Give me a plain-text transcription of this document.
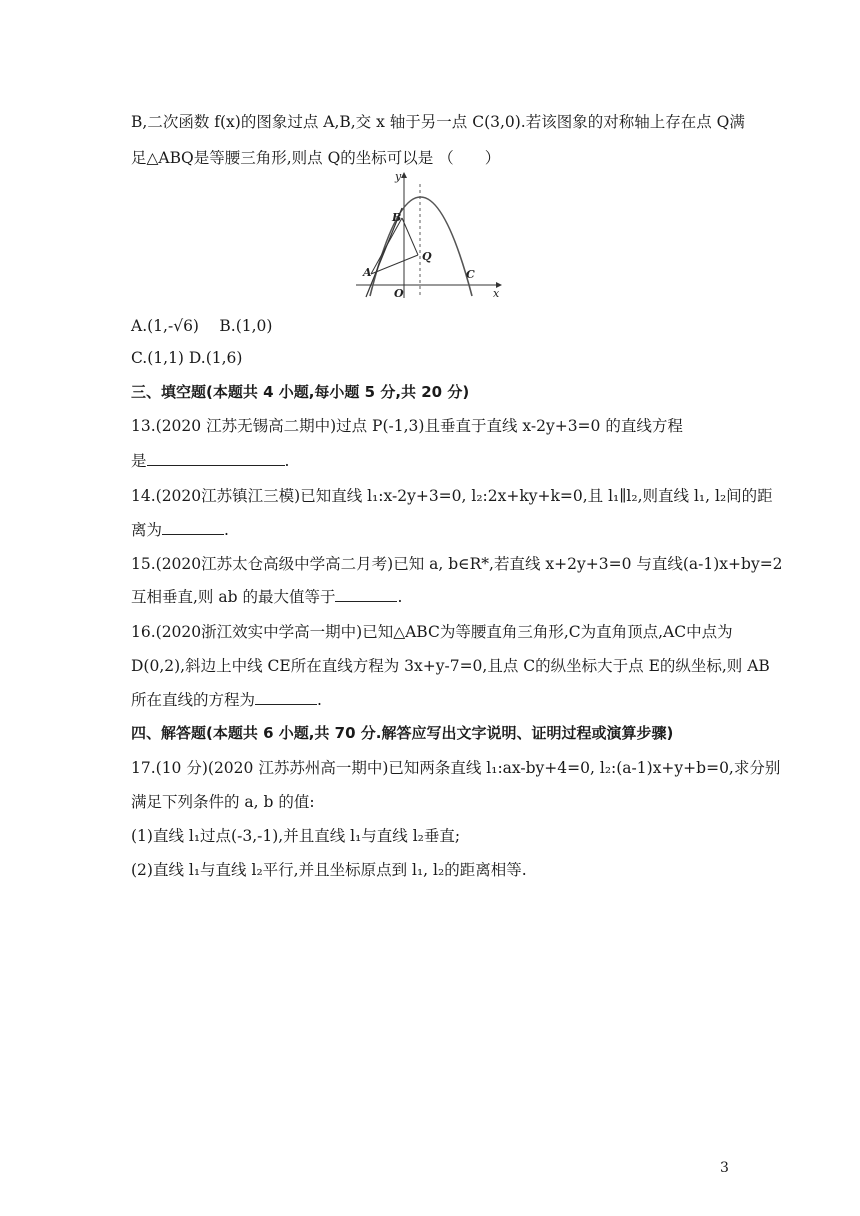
B,二次函数 f(x)的图象过点 A,B,交 x 轴于另一点 C(3,0).若该图象的对称轴上存在点 Q满
足△ABQ是等腰三角形,则点 Q的坐标可以是 （　　）
y
x
A
B
O
Q
C
A.(1,-√6)　 B.(1,0)
C.(1,1) D.(1,6)
三、填空题(本题共 4 小题,每小题 5 分,共 20 分)
13.(2020 江苏无锡高二期中)过点 P(-1,3)且垂直于直线 x-2y+3=0 的直线方程
是	.
14.(2020江苏镇江三模)已知直线 l₁:x-2y+3=0, l₂:2x+ky+k=0,且 l₁∥l₂,则直线 l₁, l₂间的距
离为	.
15.(2020江苏太仓高级中学高二月考)已知 a, b∈R*,若直线 x+2y+3=0 与直线(a-1)x+by=2
互相垂直,则 ab 的最大值等于	.
16.(2020浙江效实中学高一期中)已知△ABC为等腰直角三角形,C为直角顶点,AC中点为
D(0,2),斜边上中线 CE所在直线方程为 3x+y-7=0,且点 C的纵坐标大于点 E的纵坐标,则 AB
所在直线的方程为	.
四、解答题(本题共 6 小题,共 70 分.解答应写出文字说明、证明过程或演算步骤)
17.(10 分)(2020 江苏苏州高一期中)已知两条直线 l₁:ax-by+4=0, l₂:(a-1)x+y+b=0,求分别
满足下列条件的 a, b 的值:
(1)直线 l₁过点(-3,-1),并且直线 l₁与直线 l₂垂直;
(2)直线 l₁与直线 l₂平行,并且坐标原点到 l₁, l₂的距离相等.
3
